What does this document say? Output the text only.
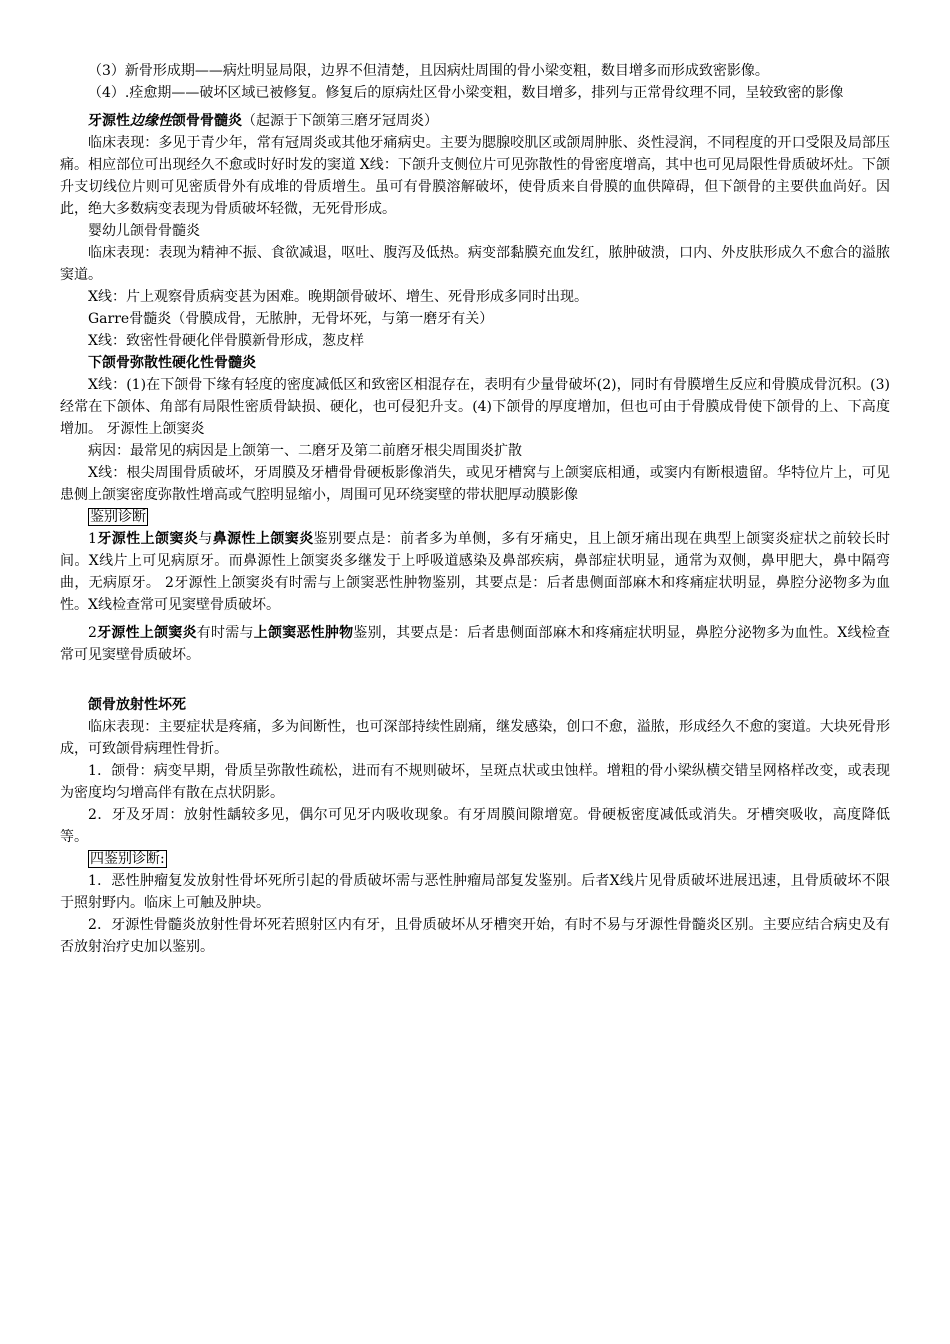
（3）新骨形成期——病灶明显局限，边界不但清楚，且因病灶周围的骨小梁变粗，数目增多而形成致密影像。

（4）.痊愈期——破坏区域已被修复。修复后的原病灶区骨小梁变粗，数目增多，排列与正常骨纹理不同，呈较致密的影像

牙源性边缘性颌骨骨髓炎（起源于下颌第三磨牙冠周炎）

临床表现：多见于青少年，常有冠周炎或其他牙痛病史。主要为腮腺咬肌区或颌周肿胀、炎性浸润，不同程度的开口受限及局部压痛。相应部位可出现经久不愈或时好时发的窦道 X线：下颌升支侧位片可见弥散性的骨密度增高，其中也可见局限性骨质破坏灶。下颌升支切线位片则可见密质骨外有成堆的骨质增生。虽可有骨膜溶解破坏，使骨质来自骨膜的血供障碍，但下颌骨的主要供血尚好。因此，绝大多数病变表现为骨质破坏轻微，无死骨形成。

婴幼儿颌骨骨髓炎

临床表现：表现为精神不振、食欲减退，呕吐、腹泻及低热。病变部黏膜充血发红，脓肿破溃，口内、外皮肤形成久不愈合的溢脓窦道。

X线：片上观察骨质病变甚为困难。晚期颌骨破坏、增生、死骨形成多同时出现。

Garre骨髓炎（骨膜成骨，无脓肿，无骨坏死，与第一磨牙有关）

X线：致密性骨硬化伴骨膜新骨形成，葱皮样

下颌骨弥散性硬化性骨髓炎

X线：(1)在下颌骨下缘有轻度的密度减低区和致密区相混存在，表明有少量骨破坏(2)，同时有骨膜增生反应和骨膜成骨沉积。(3)经常在下颌体、角部有局限性密质骨缺损、硬化，也可侵犯升支。(4)下颌骨的厚度增加，但也可由于骨膜成骨使下颌骨的上、下高度增加。 牙源性上颌窦炎

病因：最常见的病因是上颌第一、二磨牙及第二前磨牙根尖周围炎扩散

X线：根尖周围骨质破坏，牙周膜及牙槽骨骨硬板影像消失，或见牙槽窝与上颌窦底相通，或窦内有断根遗留。华特位片上，可见患侧上颌窦密度弥散性增高或气腔明显缩小，周围可见环绕窦壁的带状肥厚动膜影像

鉴别诊断

1牙源性上颌窦炎与鼻源性上颌窦炎鉴别要点是：前者多为单侧，多有牙痛史，且上颌牙痛出现在典型上颌窦炎症状之前较长时间。X线片上可见病原牙。而鼻源性上颌窦炎多继发于上呼吸道感染及鼻部疾病，鼻部症状明显，通常为双侧，鼻甲肥大，鼻中隔弯曲，无病原牙。 2牙源性上颌窦炎有时需与上颌窦恶性肿物鉴别，其要点是：后者患侧面部麻木和疼痛症状明显，鼻腔分泌物多为血性。X线检查常可见窦壁骨质破坏。

2牙源性上颌窦炎有时需与上颌窦恶性肿物鉴别，其要点是：后者患侧面部麻木和疼痛症状明显，鼻腔分泌物多为血性。X线检查常可见窦壁骨质破坏。

颌骨放射性坏死

临床表现：主要症状是疼痛，多为间断性，也可深部持续性剧痛，继发感染，创口不愈，溢脓，形成经久不愈的窦道。大块死骨形成，可致颌骨病理性骨折。

1．颌骨：病变早期，骨质呈弥散性疏松，进而有不规则破坏，呈斑点状或虫蚀样。增粗的骨小梁纵横交错呈网格样改变，或表现为密度均匀增高伴有散在点状阴影。

2．牙及牙周：放射性龋较多见，偶尔可见牙内吸收现象。有牙周膜间隙增宽。骨硬板密度减低或消失。牙槽突吸收，高度降低等。

四鉴别诊断:

1．恶性肿瘤复发放射性骨坏死所引起的骨质破坏需与恶性肿瘤局部复发鉴别。后者X线片见骨质破坏进展迅速，且骨质破坏不限于照射野内。临床上可触及肿块。

2．牙源性骨髓炎放射性骨坏死若照射区内有牙，且骨质破坏从牙槽突开始，有时不易与牙源性骨髓炎区别。主要应结合病史及有否放射治疗史加以鉴别。
